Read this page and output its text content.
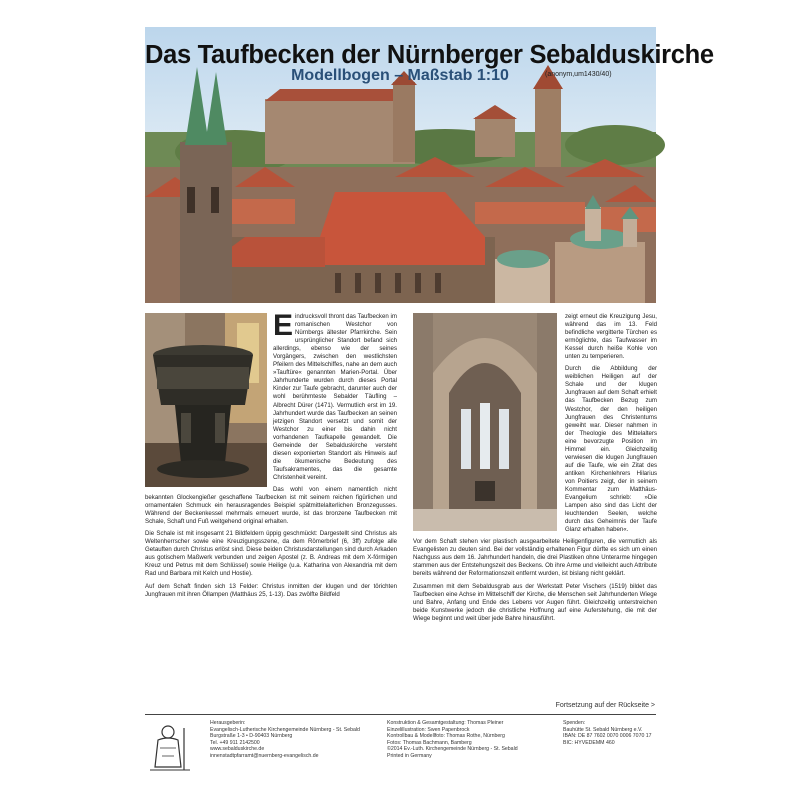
Das Taufbecken der Nürnberger Sebalduskirche
Modellbogen – Maßstab 1:10	(anonym,um1430/40)
E indrucksvoll thront das Taufbecken im romanischen Westchor von Nürnbergs ältester Pfarrkirche. Sein ursprünglicher Standort befand sich allerdings, ebenso wie der seines Vorgängers, zwischen den westlichsten Pfeilern des Mittelschiffes, nahe an dem auch »Tauftüre« genannten Marien-Portal. Über Jahrhunderte wurden durch dieses Portal Kinder zur Taufe gebracht, darunter auch der wohl berühmteste Sebalder Täufling – Albrecht Dürer (1471). Vermutlich erst im 19. Jahrhundert wurde das Taufbecken an seinen jetzigen Standort versetzt und somit der Westchor zu einer bis dahin nicht vorhandenen Taufkapelle gewandelt. Die Gemeinde der Sebalduskirche versteht diesen exponierten Standort als Hinweis auf die ökumenische Bedeutung des Taufsakramentes, das die gesamte Christenheit vereint.

Das wohl von einem namentlich nicht bekannten Glockengießer geschaffene Taufbecken ist mit seinem reichen figürlichen und ornamentalen Schmuck ein herausragendes Beispiel spätmittelalterlichen Bronzegusses. Während der Beckenkessel mehrmals erneuert wurde, ist das bronzene Taufbecken mit Schale, Schaft und Fuß weitgehend original erhalten.

Die Schale ist mit insgesamt 21 Bildfeldern üppig geschmückt: Dargestellt sind Christus als Weltenherrscher sowie eine Kreuzigungsszene, da dem Römerbrief (6, 3ff) zufolge alle Getauften durch Christus erlöst sind. Diese beiden Christusdarstellungen sind durch Arkaden aus gotischem Maßwerk verbunden und zeigen Apostel (z. B. Andreas mit dem X-förmigen Kreuz und Petrus mit dem Schlüssel) sowie Heilige (u.a. Katharina von Alexandria mit dem Rad und Barbara mit Kelch und Hostie).

Auf dem Schaft finden sich 13 Felder: Christus inmitten der klugen und der törichten Jungfrauen mit ihren Öllampen (Matthäus 25, 1-13). Das zwölfte Bildfeld

zeigt erneut die Kreuzigung Jesu, während das im 13. Feld befindliche vergitterte Türchen es ermöglichte, das Taufwasser im Kessel durch heiße Kohle von unten zu temperieren.

Durch die Abbildung der weiblichen Heiligen auf der Schale und der klugen Jungfrauen auf dem Schaft erhielt das Taufbecken Bezug zum Westchor, der den heiligen Jungfrauen des Christentums geweiht war. Dieser nahmen in der Theologie des Mittelalters eine bevorzugte Position im Himmel ein. Gleichzeitig verwiesen die klugen Jungfrauen auf die Taufe, wie ein Zitat des antiken Kirchenlehrers Hilarius von Poitiers zeigt, der in seinem Kommentar zum Matthäus-Evangelium schrieb: »Die Lampen also sind das Licht der leuchtenden Seelen, welche durch das Geheimnis der Taufe Glanz erhalten haben«.

Vor dem Schaft stehen vier plastisch ausgearbeitete Heiligenfiguren, die vermutlich als Evangelisten zu deuten sind. Bei der vollständig erhaltenen Figur dürfte es sich um einen Nachguss aus dem 16. Jahrhundert handeln, die drei Plastiken ohne Unterarme hingegen stammen aus der Entstehungszeit des Beckens. Ob ihre Arme und vielleicht auch Attribute bereits während der Reformationszeit entfernt wurden, ist bislang nicht geklärt.

Zusammen mit dem Sebaldusgrab aus der Werkstatt Peter Vischers (1519) bildet das Taufbecken eine Achse im Mittelschiff der Kirche, die Menschen seit Jahrhunderten Wiege und Bahre, Anfang und Ende des Lebens vor Augen führt. Gleichzeitig unterstreichen beide Kunstwerke jedoch die christliche Hoffnung auf eine Auferstehung, die mit der Wiege beginnt und weit über jede Bahre hinausführt.

Fortsetzung auf der Rückseite >
Herausgeberin:
Evangelisch-Lutherische Kirchengemeinde Nürnberg - St. Sebald
Burgstraße 1-3 • D-90403 Nürnberg
Tel. +49 911 2142500
www.sebalduskirche.de
innenstadtpfarramt@nuernberg-evangelisch.de
Konstruktion & Gesamtgestaltung: Thomas Pleiner
Einzelillustration: Swen Papenbrock
Kontrollbau & Modellfoto: Thomas Rothe, Nürnberg
Fotos: Thomas Bachmann, Bamberg
©2014 Ev.-Luth. Kirchengemeinde Nürnberg - St. Sebald
Printed in Germany
Spenden:
Bauhütte St. Sebald Nürnberg e.V.
IBAN: DE 87 7602 0070 0006 7070 17
BIC: HYVEDEMM 460
